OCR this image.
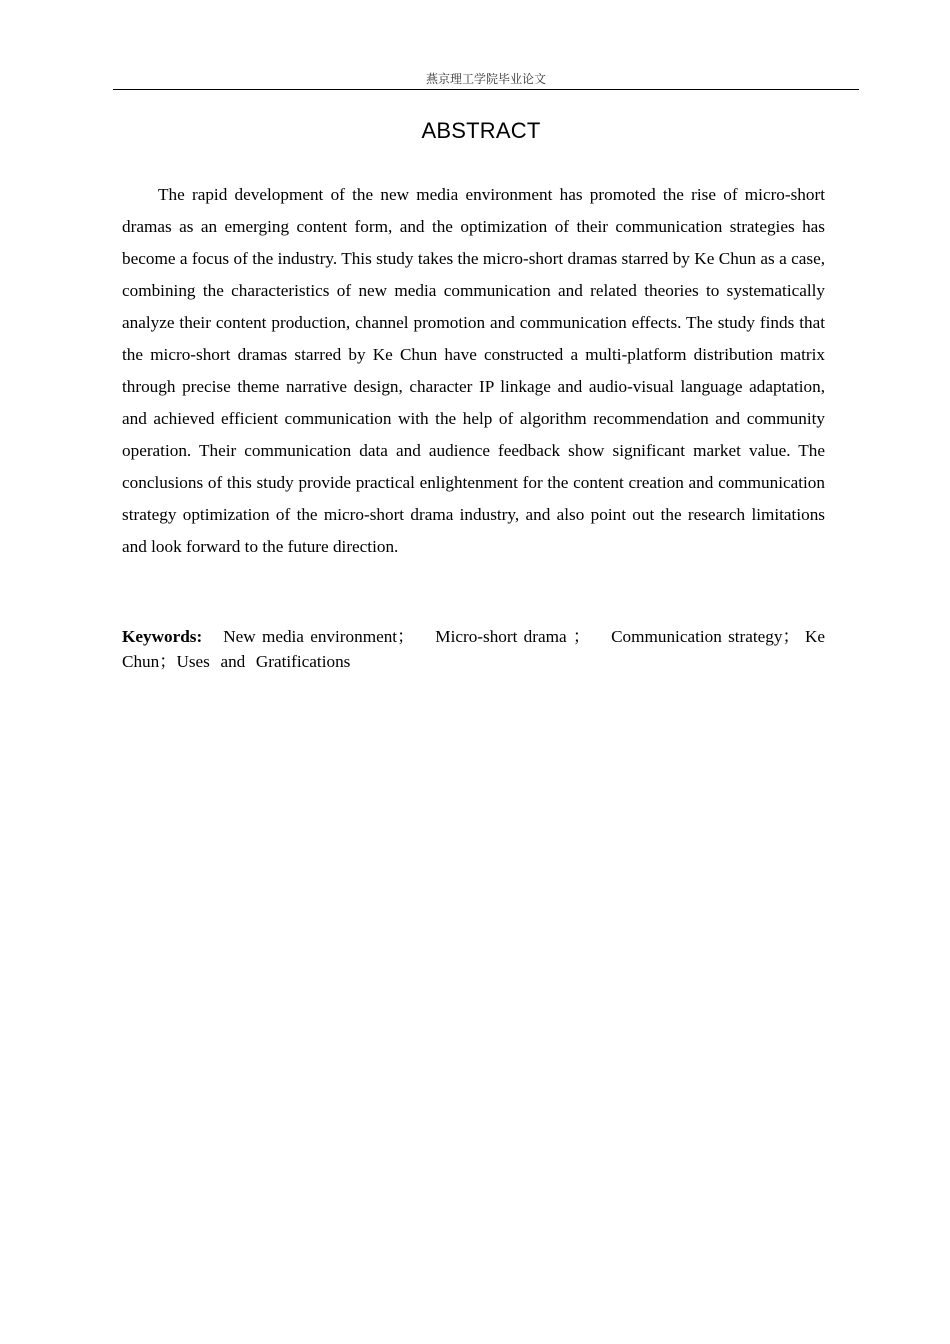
燕京理工学院毕业论文
ABSTRACT

The rapid development of the new media environment has promoted the rise of micro-short dramas as an emerging content form, and the optimization of their communication strategies has become a focus of the industry. This study takes the micro-short dramas starred by Ke Chun as a case, combining the characteristics of new media communication and related theories to systematically analyze their content production, channel promotion and communication effects. The study finds that the micro-short dramas starred by Ke Chun have constructed a multi-platform distribution matrix through precise theme narrative design, character IP linkage and audio-visual language adaptation, and achieved efficient communication with the help of algorithm recommendation and community operation. Their communication data and audience feedback show significant market value. The conclusions of this study provide practical enlightenment for the content creation and communication strategy optimization of the micro-short drama industry, and also point out the research limitations and look forward to the future direction.

Keywords: New media environment； Micro-short drama ； Communication strategy； Ke Chun；Uses  and  Gratifications
